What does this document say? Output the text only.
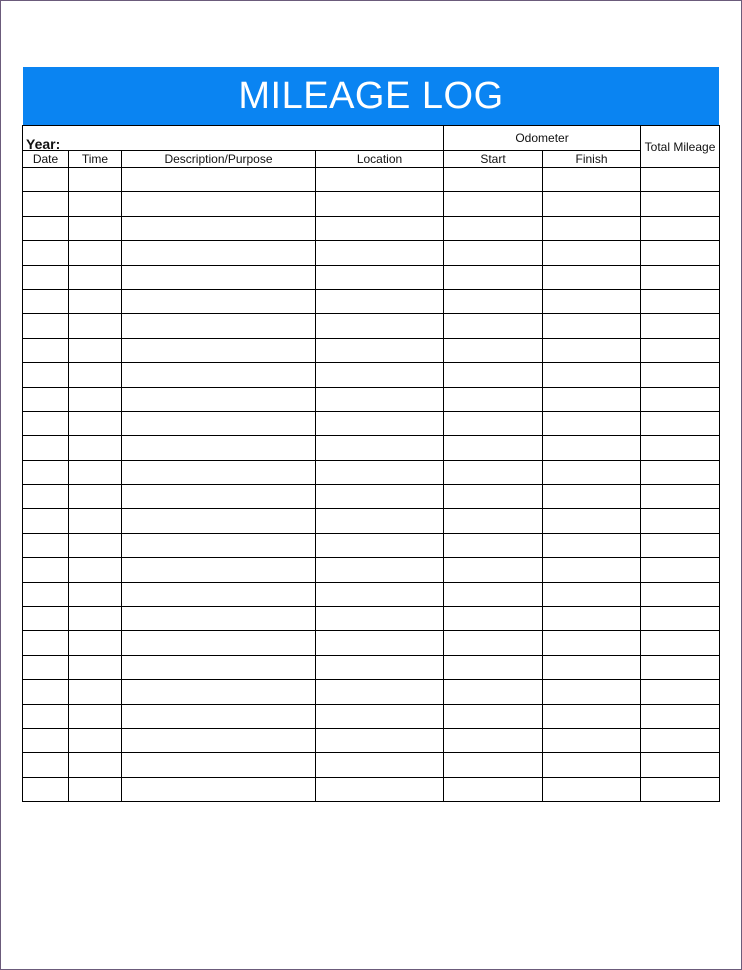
MILEAGE LOG
Year: _______				Odometer		Total Mileage
Date	Time	Description/Purpose	Location	Start	Finish	
